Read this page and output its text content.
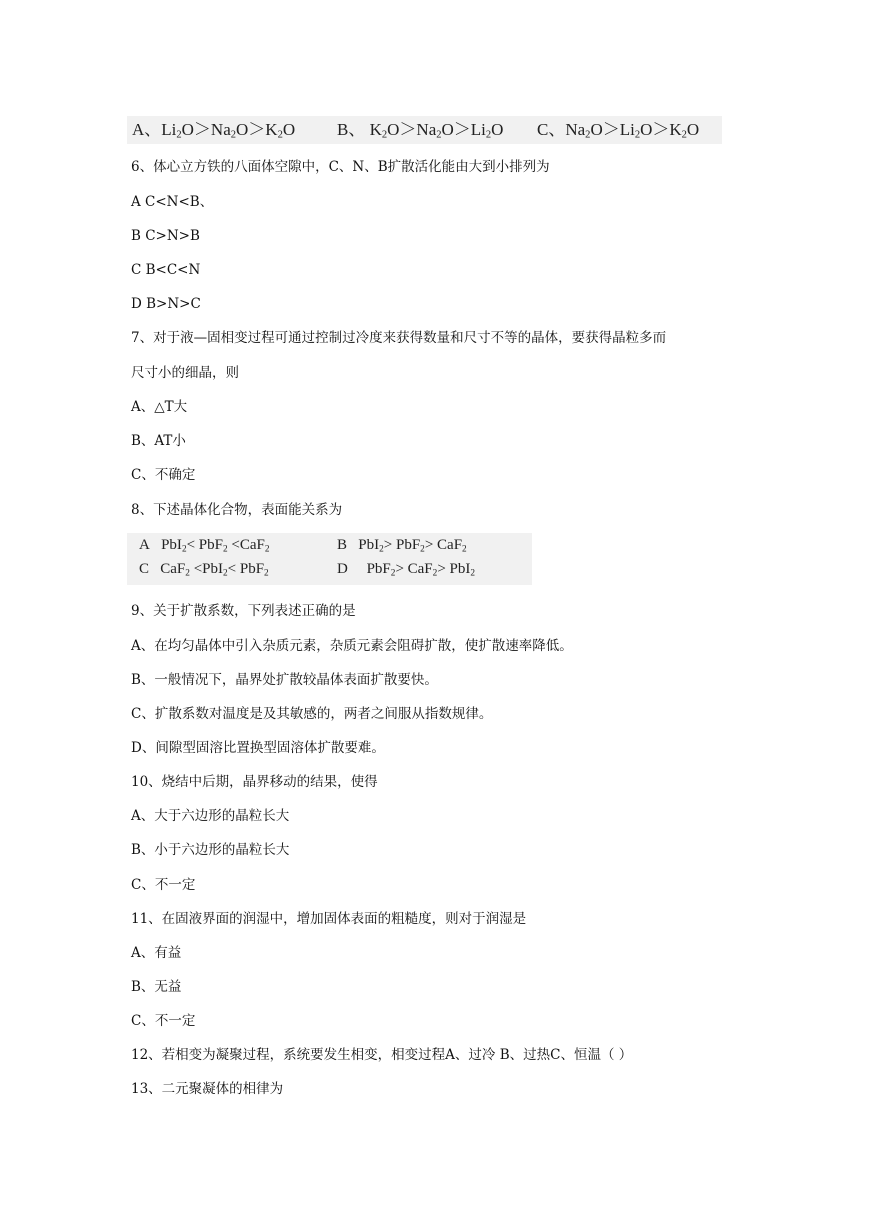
A、$Li_2O>Na_2O>K_2O$ B、 $K_2O>Na_2O>Li_2O$ C、$Na_2O>Li_2O>K_2O$
6、体心立方铁的八面体空隙中，C、N、B扩散活化能由大到小排列为
A C<N<B、
B C>N>B
C B<C<N
D B>N>C
7、对于液—固相变过程可通过控制过冷度来获得数量和尺寸不等的晶体，要获得晶粒多而
尺寸小的细晶，则
A、△T大
B、AT小
C、不确定
8、下述晶体化合物，表面能关系为
A PbI$_2$< PbF$_2$ <CaF$_2$	B PbI$_2$> PbF$_2$> CaF$_2$
C CaF$_2$ <PbI$_2$< PbF$_2$	D PbF$_2$> CaF$_2$> PbI$_2$
9、关于扩散系数，下列表述正确的是
A、在均匀晶体中引入杂质元素，杂质元素会阻碍扩散，使扩散速率降低。
B、一般情况下，晶界处扩散较晶体表面扩散要快。
C、扩散系数对温度是及其敏感的，两者之间服从指数规律。
D、间隙型固溶比置换型固溶体扩散要难。
10、烧结中后期，晶界移动的结果，使得
A、大于六边形的晶粒长大
B、小于六边形的晶粒长大
C、不一定
11、在固液界面的润湿中，增加固体表面的粗糙度，则对于润湿是
A、有益
B、无益
C、不一定
12、若相变为凝聚过程，系统要发生相变，相变过程A、过冷 B、过热C、恒温（ ）
13、二元聚凝体的相律为
